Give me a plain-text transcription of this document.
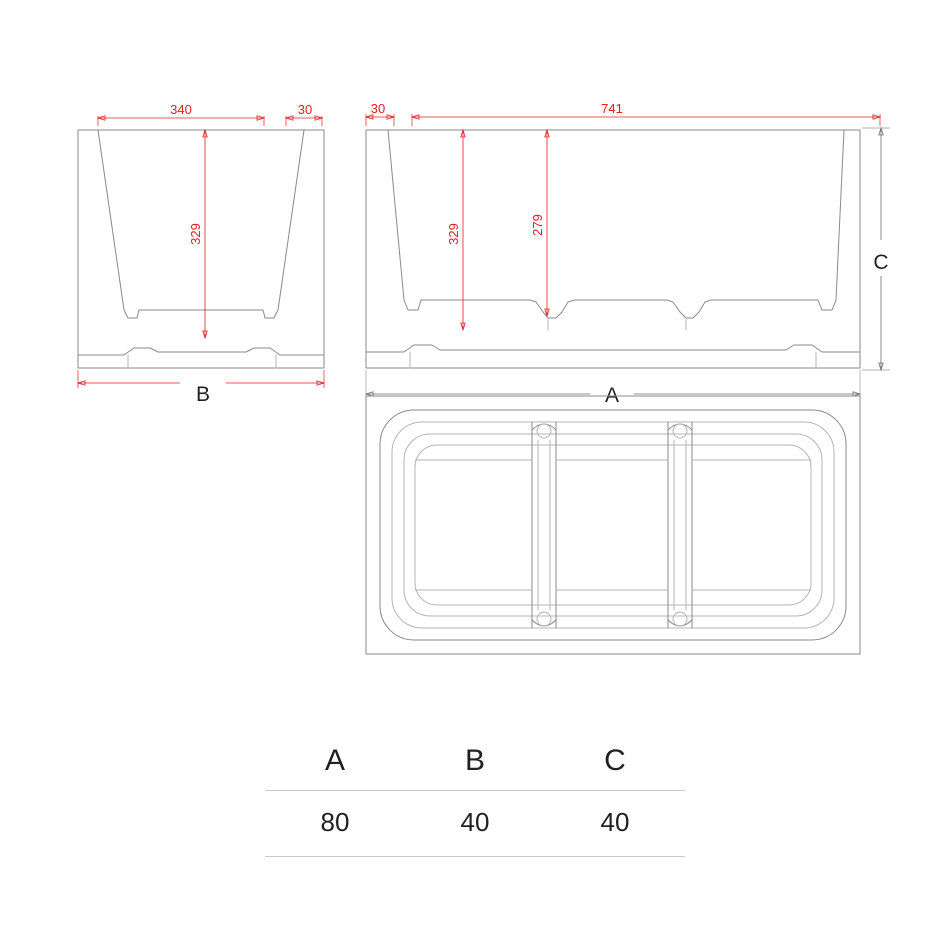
340	30
329
B
30	741
329	279
C
A
A	B	C
80	40	40
